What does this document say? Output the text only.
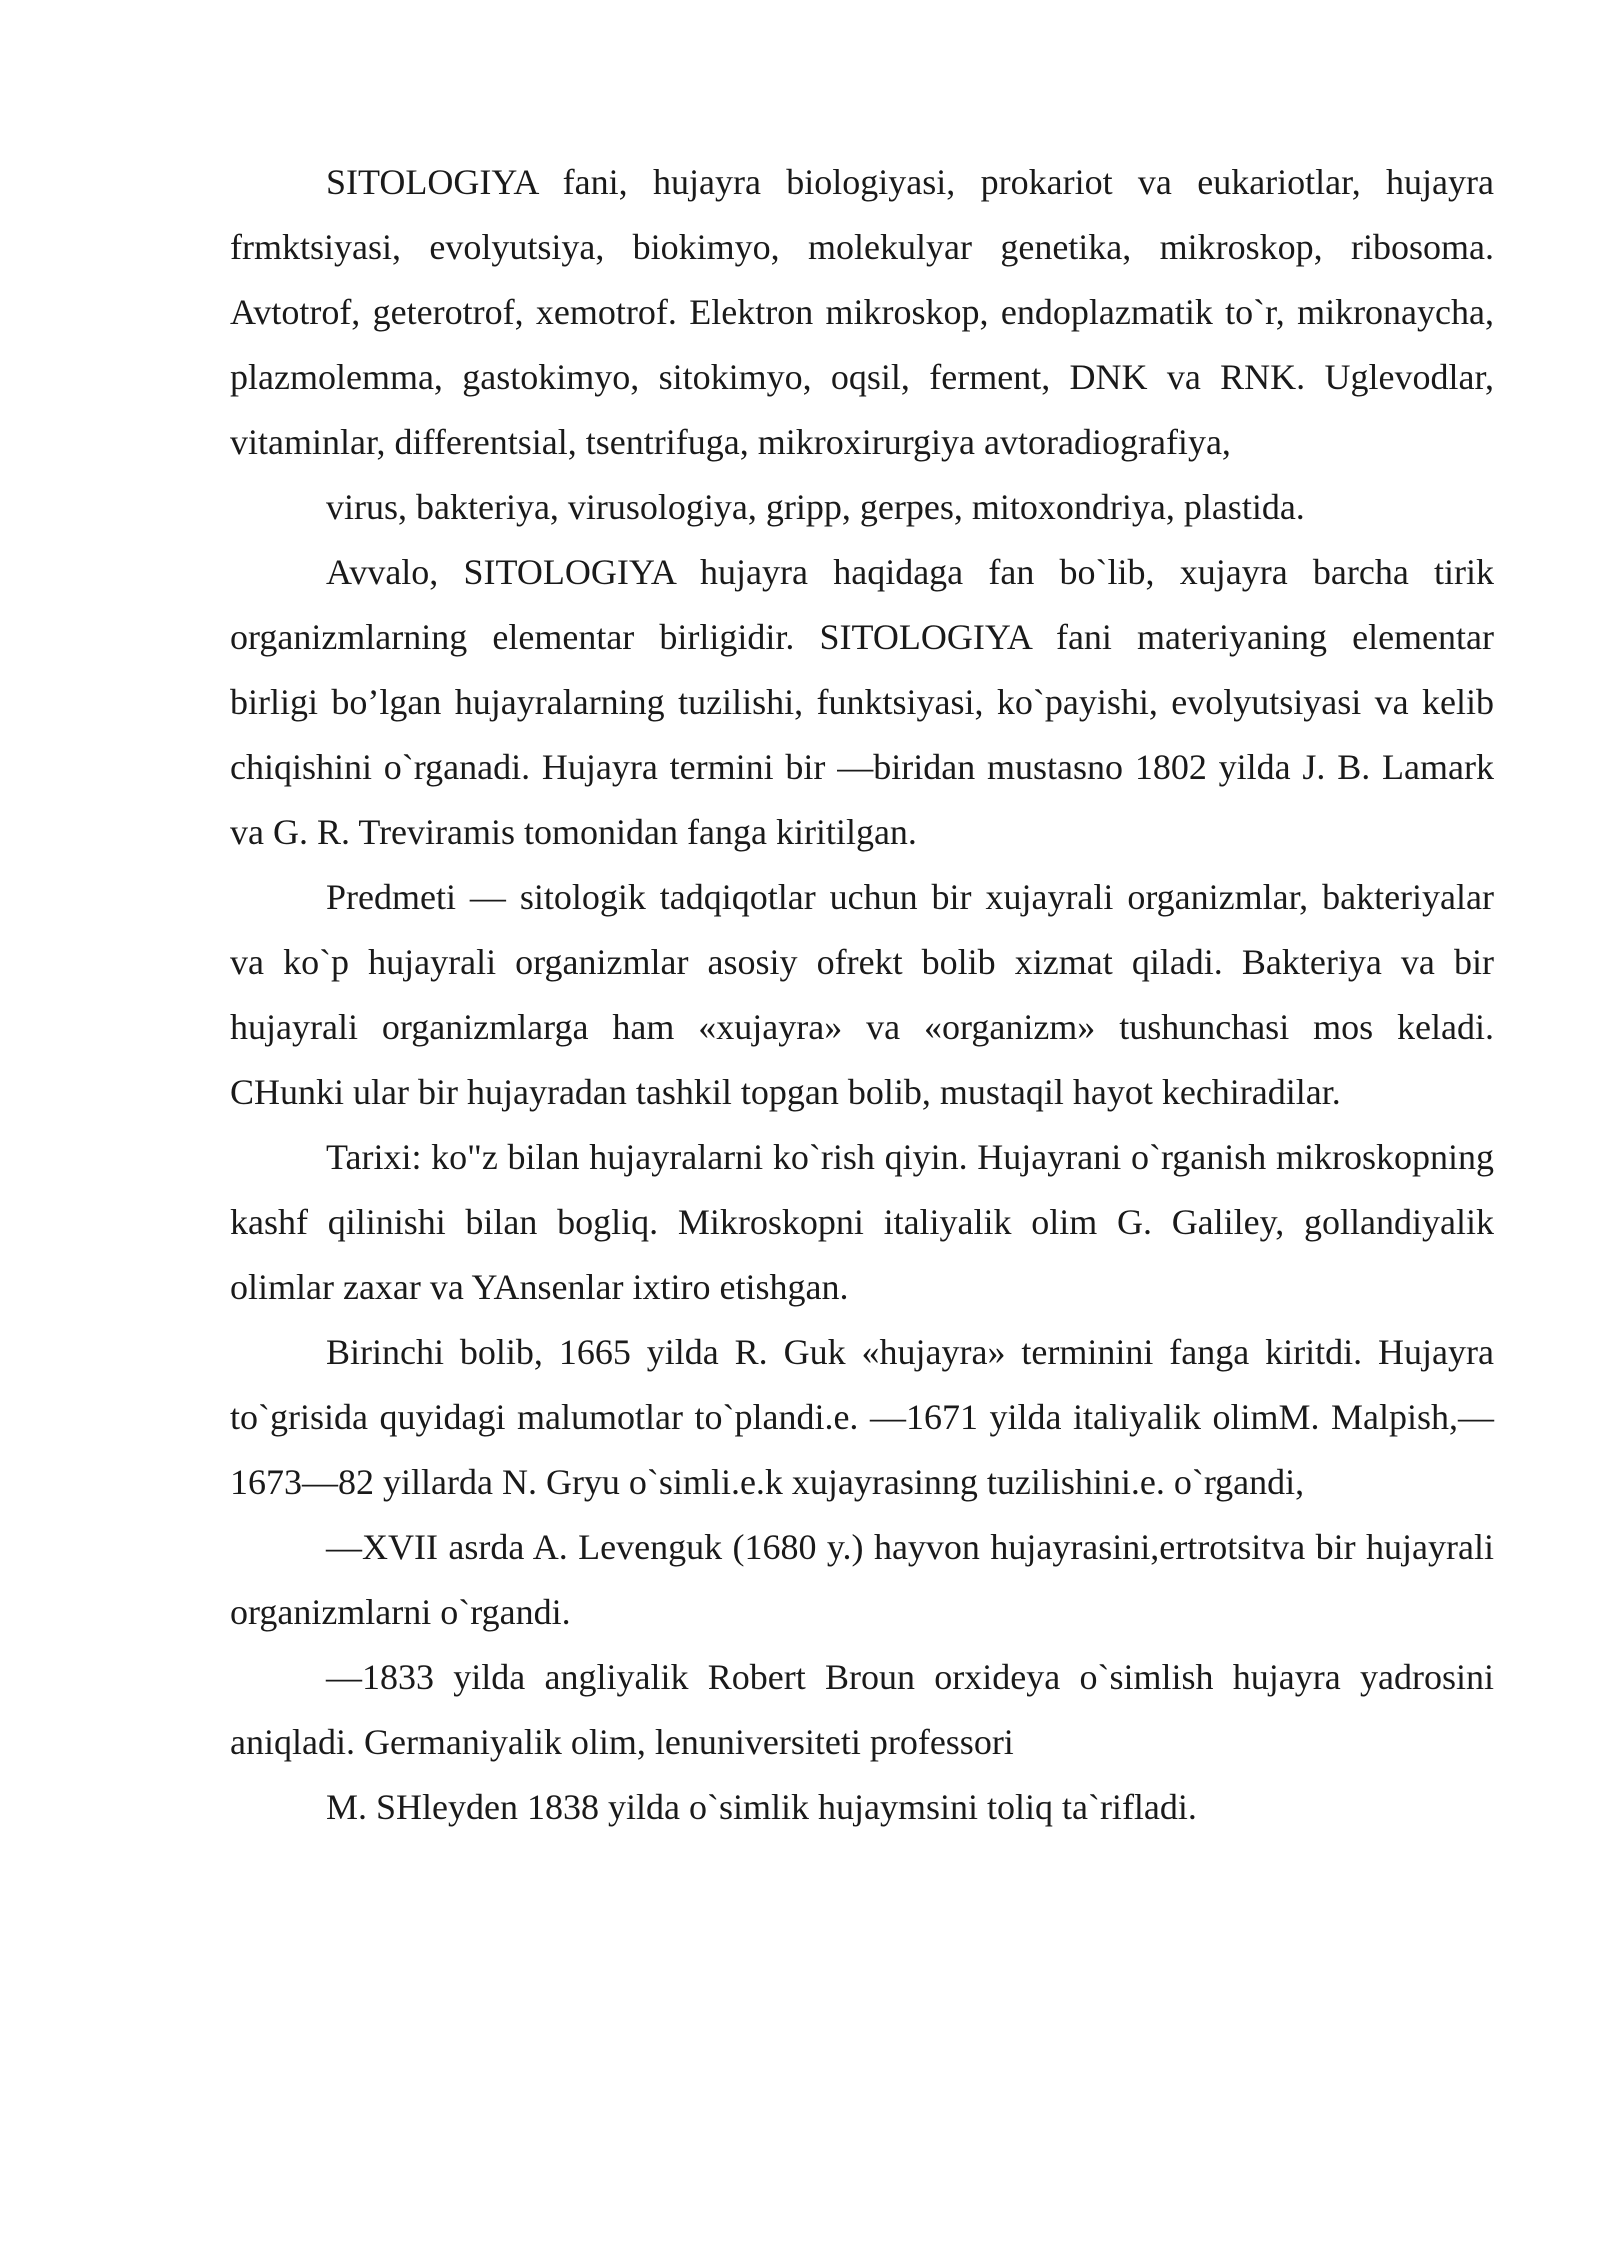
SITOLOGIYA fani, hujayra biologiyasi, prokariot va eukariotlar, hujayra frmktsiyasi, evolyutsiya, biokimyo, molekulyar genetika, mikroskop, ribosoma. Avtotrof, geterotrof, xemotrof. Elektron mikroskop, endoplazmatik to`r, mikronaycha, plazmolemma, gastokimyo, sitokimyo, oqsil, ferment, DNK va RNK. Uglevodlar, vitaminlar, differentsial, tsentrifuga, mikroxirurgiya avtoradiografiya,

virus, bakteriya, virusologiya, gripp, gerpes, mitoxondriya, plastida.

Avvalo, SITOLOGIYA hujayra haqidaga fan bo`lib, xujayra barcha tirik organizmlarning elementar birligidir. SITOLOGIYA fani materiyaning elementar birligi bo’lgan hujayralarning tuzilishi, funktsiyasi, ko`payishi, evolyutsiyasi va kelib chiqishini o`rganadi. Hujayra termini bir —biridan mustasno 1802 yilda J. B. Lamark va G. R. Treviramis tomonidan fanga kiritilgan.

Predmeti — sitologik tadqiqotlar uchun bir xujayrali organizmlar, bakteriyalar va ko`p hujayrali organizmlar asosiy ofrekt bolib xizmat qiladi. Bakteriya va bir hujayrali organizmlarga ham «xujayra» va «organizm» tushunchasi mos keladi. CHunki ular bir hujayradan tashkil topgan bolib, mustaqil hayot kechiradilar.

Tarixi: ko"z bilan hujayralarni ko`rish qiyin. Hujayrani o`rganish mikroskopning kashf qilinishi bilan bogliq. Mikroskopni italiyalik olim G. Galiley, gollandiyalik olimlar zaxar va YAnsenlar ixtiro etishgan.

Birinchi bolib, 1665 yilda R. Guk «hujayra» terminini fanga kiritdi. Hujayra to`grisida quyidagi malumotlar to`plandi.e. —1671 yilda italiyalik olimM. Malpish,—1673—82 yillarda N. Gryu o`simli.e.k xujayrasinng tuzilishini.e. o`rgandi,

—XVII asrda A. Levenguk (1680 y.) hayvon hujayrasini,ertrotsitva bir hujayrali organizmlarni o`rgandi.

—1833 yilda angliyalik Robert Broun orxideya o`simlish hujayra yadrosini aniqladi. Germaniyalik olim, lenuniversiteti professori

M. SHleyden 1838 yilda o`simlik hujaymsini toliq ta`rifladi.
